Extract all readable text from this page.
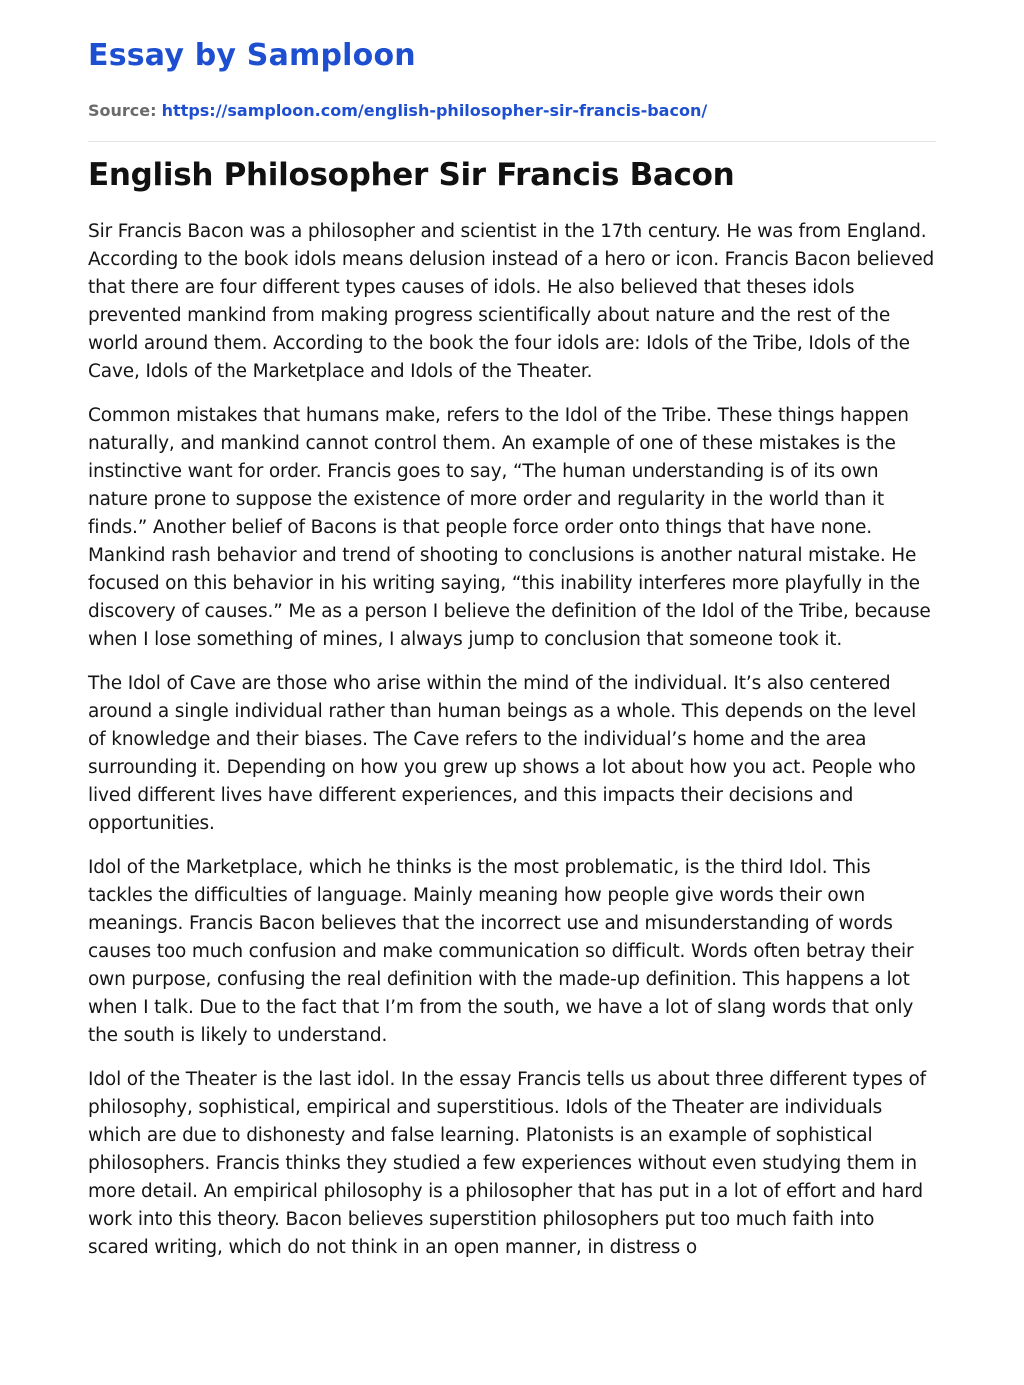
Essay by Samploon
Source: https://samploon.com/english-philosopher-sir-francis-bacon/
English Philosopher Sir Francis Bacon

Sir Francis Bacon was a philosopher and scientist in the 17th century. He was from England. According to the book idols means delusion instead of a hero or icon. Francis Bacon believed that there are four different types causes of idols. He also believed that theses idols prevented mankind from making progress scientifically about nature and the rest of the world around them. According to the book the four idols are: Idols of the Tribe, Idols of the Cave, Idols of the Marketplace and Idols of the Theater.

Common mistakes that humans make, refers to the Idol of the Tribe. These things happen naturally, and mankind cannot control them. An example of one of these mistakes is the instinctive want for order. Francis goes to say, “The human understanding is of its own nature prone to suppose the existence of more order and regularity in the world than it finds.” Another belief of Bacons is that people force order onto things that have none. Mankind rash behavior and trend of shooting to conclusions is another natural mistake. He focused on this behavior in his writing saying, “this inability interferes more playfully in the discovery of causes.” Me as a person I believe the definition of the Idol of the Tribe, because when I lose something of mines, I always jump to conclusion that someone took it.

The Idol of Cave are those who arise within the mind of the individual. It’s also centered around a single individual rather than human beings as a whole. This depends on the level of knowledge and their biases. The Cave refers to the individual’s home and the area surrounding it. Depending on how you grew up shows a lot about how you act. People who lived different lives have different experiences, and this impacts their decisions and opportunities.

Idol of the Marketplace, which he thinks is the most problematic, is the third Idol. This tackles the difficulties of language. Mainly meaning how people give words their own meanings. Francis Bacon believes that the incorrect use and misunderstanding of words causes too much confusion and make communication so difficult. Words often betray their own purpose, confusing the real definition with the made-up definition. This happens a lot when I talk. Due to the fact that I’m from the south, we have a lot of slang words that only the south is likely to understand.

Idol of the Theater is the last idol. In the essay Francis tells us about three different types of philosophy, sophistical, empirical and superstitious. Idols of the Theater are individuals which are due to dishonesty and false learning. Platonists is an example of sophistical philosophers. Francis thinks they studied a few experiences without even studying them in more detail. An empirical philosophy is a philosopher that has put in a lot of effort and hard work into this theory. Bacon believes superstition philosophers put too much faith into scared writing, which do not think in an open manner, in distress o
